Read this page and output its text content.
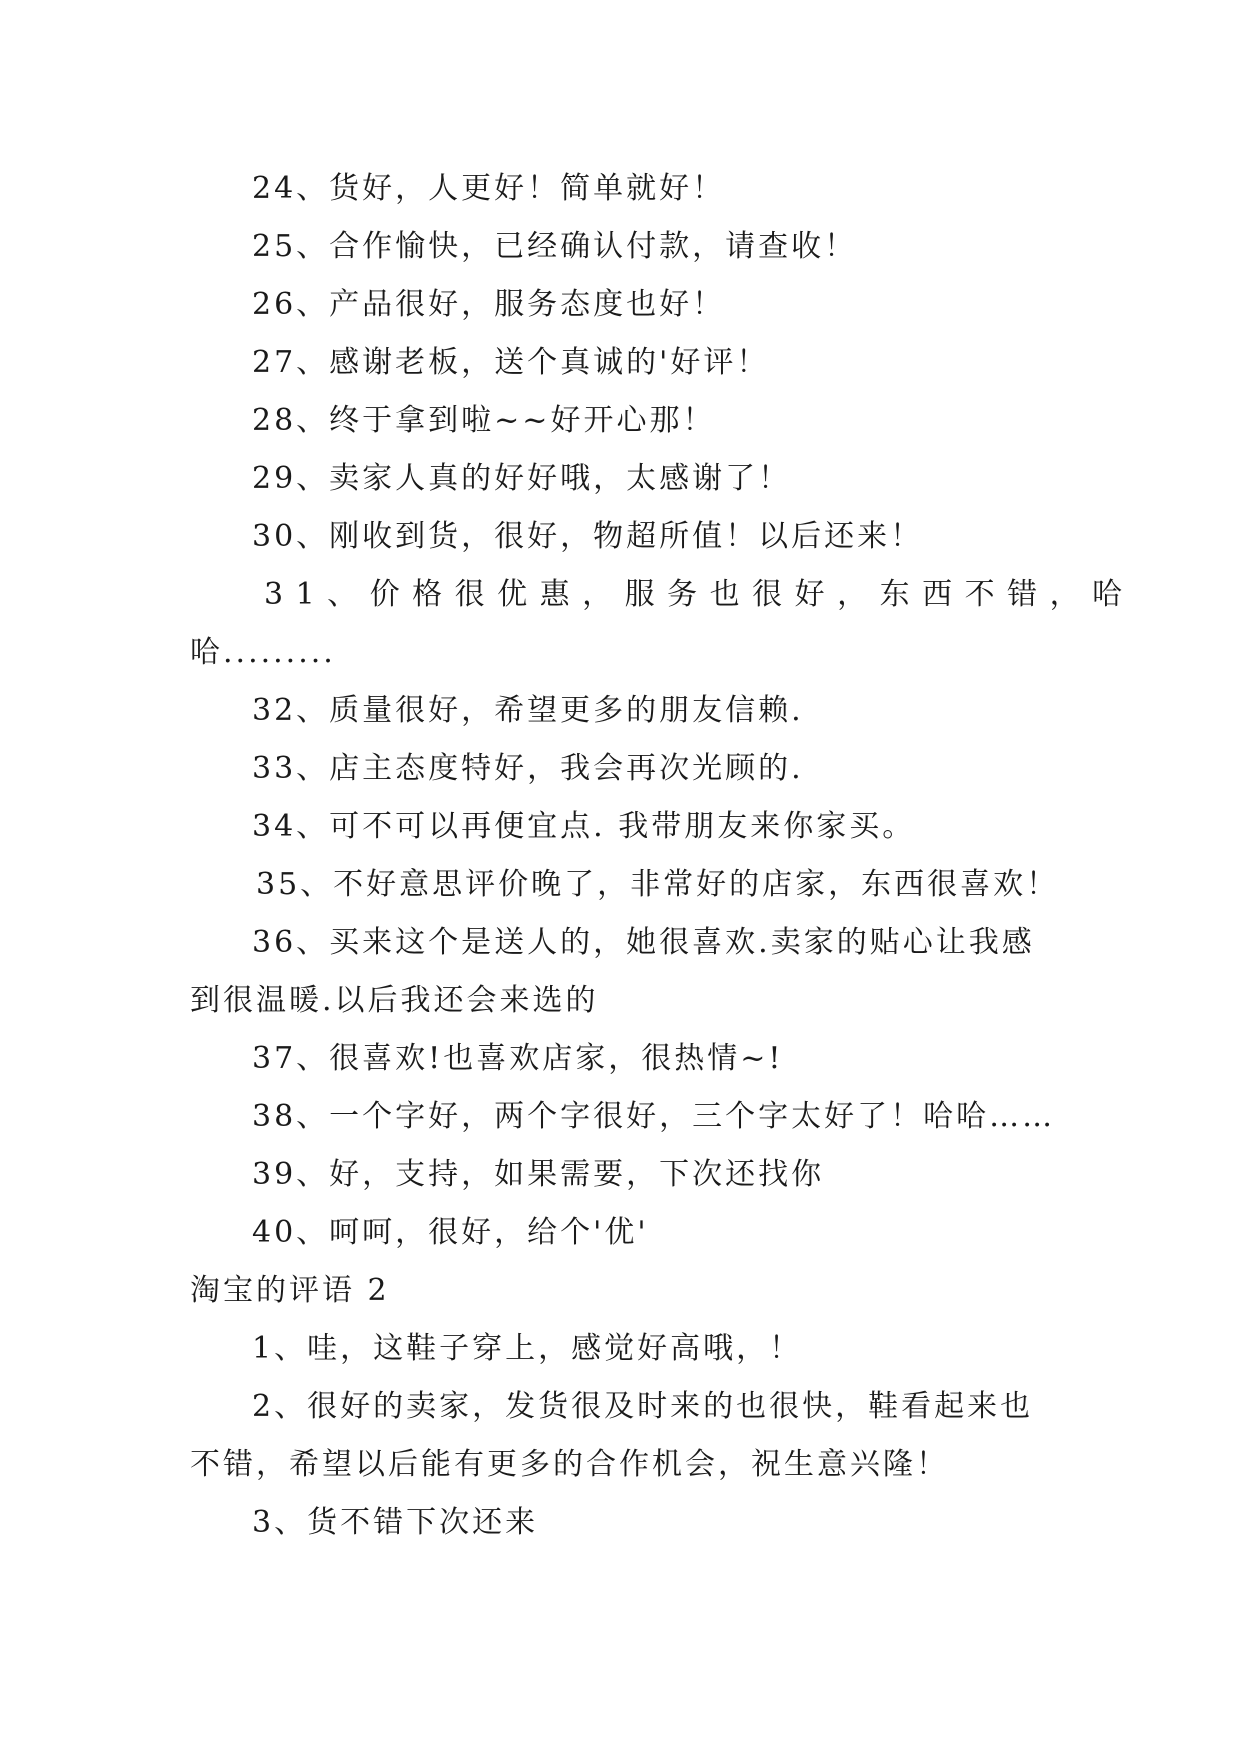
24、货好，人更好！简单就好！
25、合作愉快，已经确认付款，请查收！
26、产品很好，服务态度也好！
27、感谢老板，送个真诚的'好评！
28、终于拿到啦~~好开心那！
29、卖家人真的好好哦，太感谢了！
30、刚收到货，很好，物超所值！以后还来！
31、价格很优惠，服务也很好，东西不错，哈
哈.........
32、质量很好，希望更多的朋友信赖.
33、店主态度特好，我会再次光顾的.
34、可不可以再便宜点. 我带朋友来你家买。
35、不好意思评价晚了，非常好的店家，东西很喜欢！
36、买来这个是送人的，她很喜欢.卖家的贴心让我感
到很温暖.以后我还会来选的
37、很喜欢!也喜欢店家，很热情~!
38、一个字好，两个字很好，三个字太好了！哈哈……
39、好，支持，如果需要，下次还找你
40、呵呵，很好，给个'优'
淘宝的评语 2
1、哇，这鞋子穿上，感觉好高哦，！
2、很好的卖家，发货很及时来的也很快，鞋看起来也
不错，希望以后能有更多的合作机会，祝生意兴隆！
3、货不错下次还来
